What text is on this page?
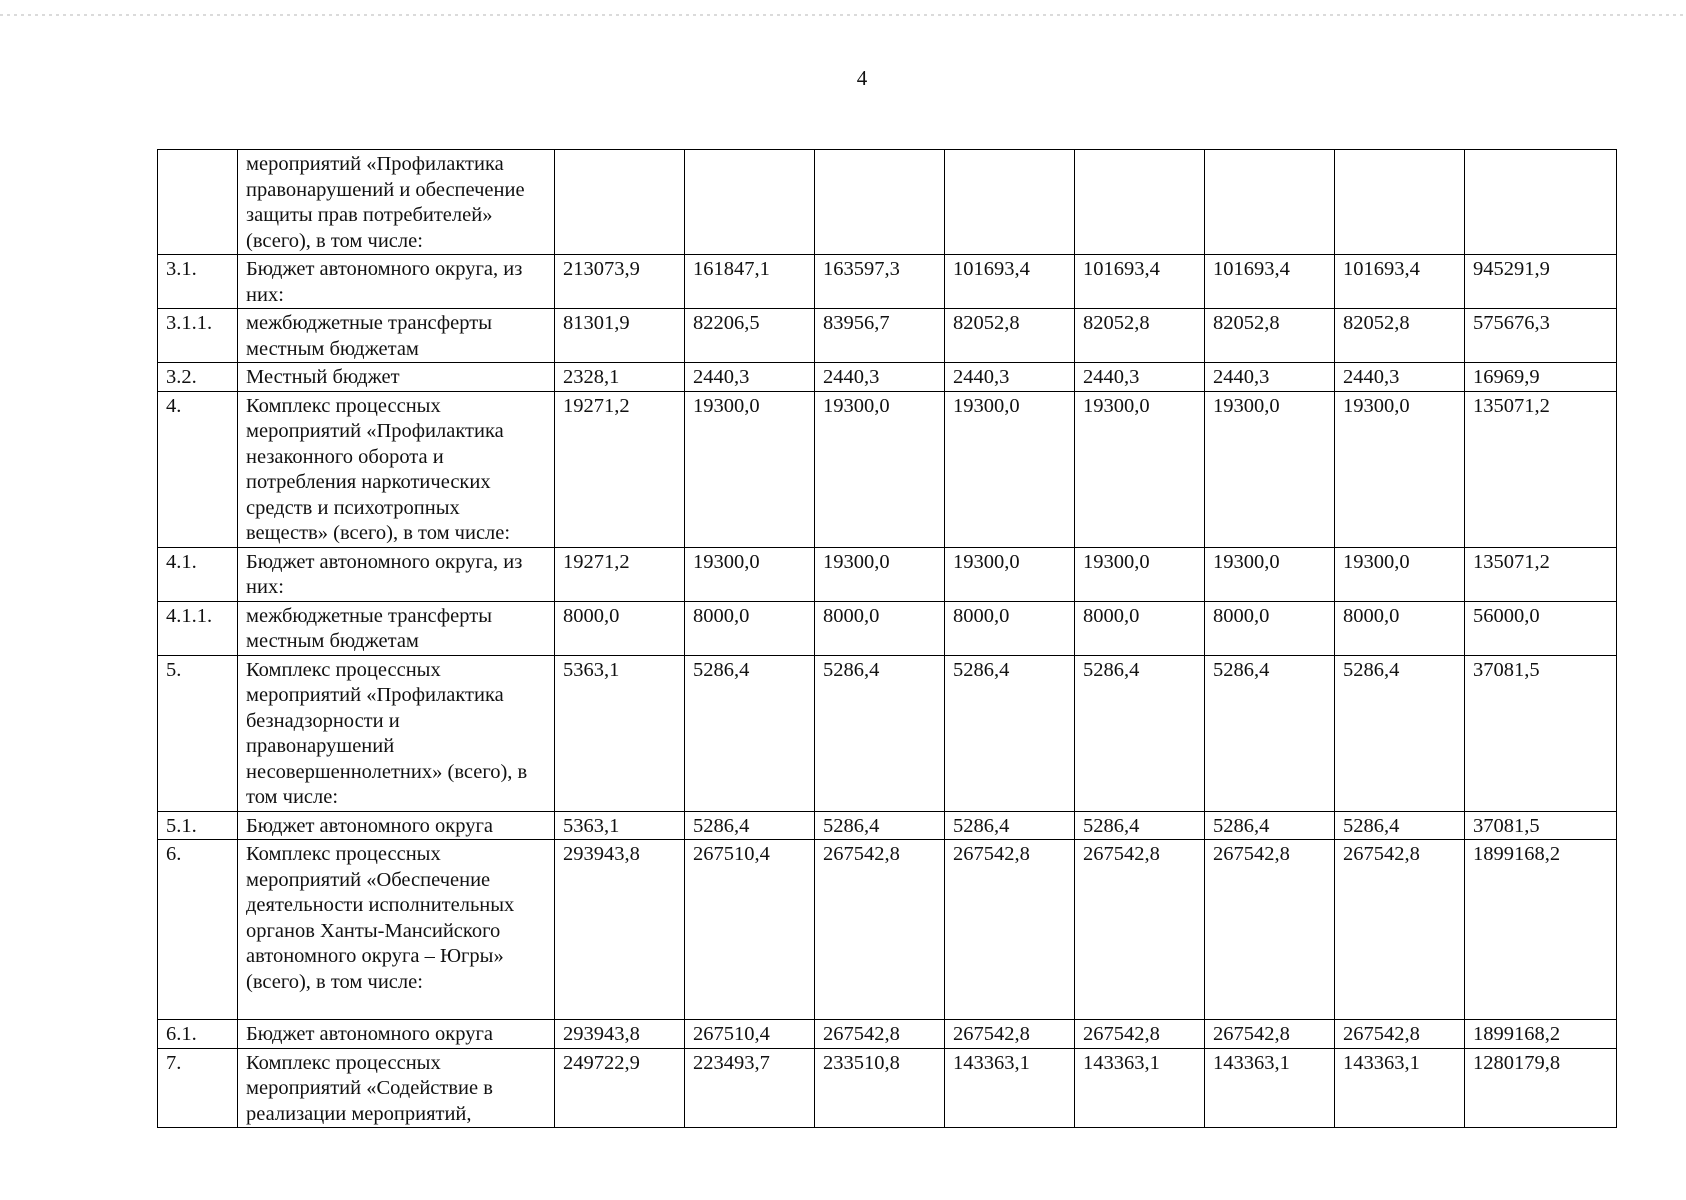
4
	мероприятий «Профилактика правонарушений и обеспечение защиты прав потребителей» (всего), в том числе:								
3.1.	Бюджет автономного округа, из них:	213073,9	161847,1	163597,3	101693,4	101693,4	101693,4	101693,4	945291,9
3.1.1.	межбюджетные трансферты местным бюджетам	81301,9	82206,5	83956,7	82052,8	82052,8	82052,8	82052,8	575676,3
3.2.	Местный бюджет	2328,1	2440,3	2440,3	2440,3	2440,3	2440,3	2440,3	16969,9
4.	Комплекс процессных мероприятий «Профилактика незаконного оборота и потребления наркотических средств и психотропных веществ» (всего), в том числе:	19271,2	19300,0	19300,0	19300,0	19300,0	19300,0	19300,0	135071,2
4.1.	Бюджет автономного округа, из них:	19271,2	19300,0	19300,0	19300,0	19300,0	19300,0	19300,0	135071,2
4.1.1.	межбюджетные трансферты местным бюджетам	8000,0	8000,0	8000,0	8000,0	8000,0	8000,0	8000,0	56000,0
5.	Комплекс процессных мероприятий «Профилактика безнадзорности и правонарушений несовершеннолетних» (всего), в том числе:	5363,1	5286,4	5286,4	5286,4	5286,4	5286,4	5286,4	37081,5
5.1.	Бюджет автономного округа	5363,1	5286,4	5286,4	5286,4	5286,4	5286,4	5286,4	37081,5
6.	Комплекс процессных мероприятий «Обеспечение деятельности исполнительных органов Ханты-Мансийского автономного округа – Югры» (всего), в том числе:	293943,8	267510,4	267542,8	267542,8	267542,8	267542,8	267542,8	1899168,2
6.1.	Бюджет автономного округа	293943,8	267510,4	267542,8	267542,8	267542,8	267542,8	267542,8	1899168,2
7.	Комплекс процессных мероприятий «Содействие в реализации мероприятий,	249722,9	223493,7	233510,8	143363,1	143363,1	143363,1	143363,1	1280179,8
